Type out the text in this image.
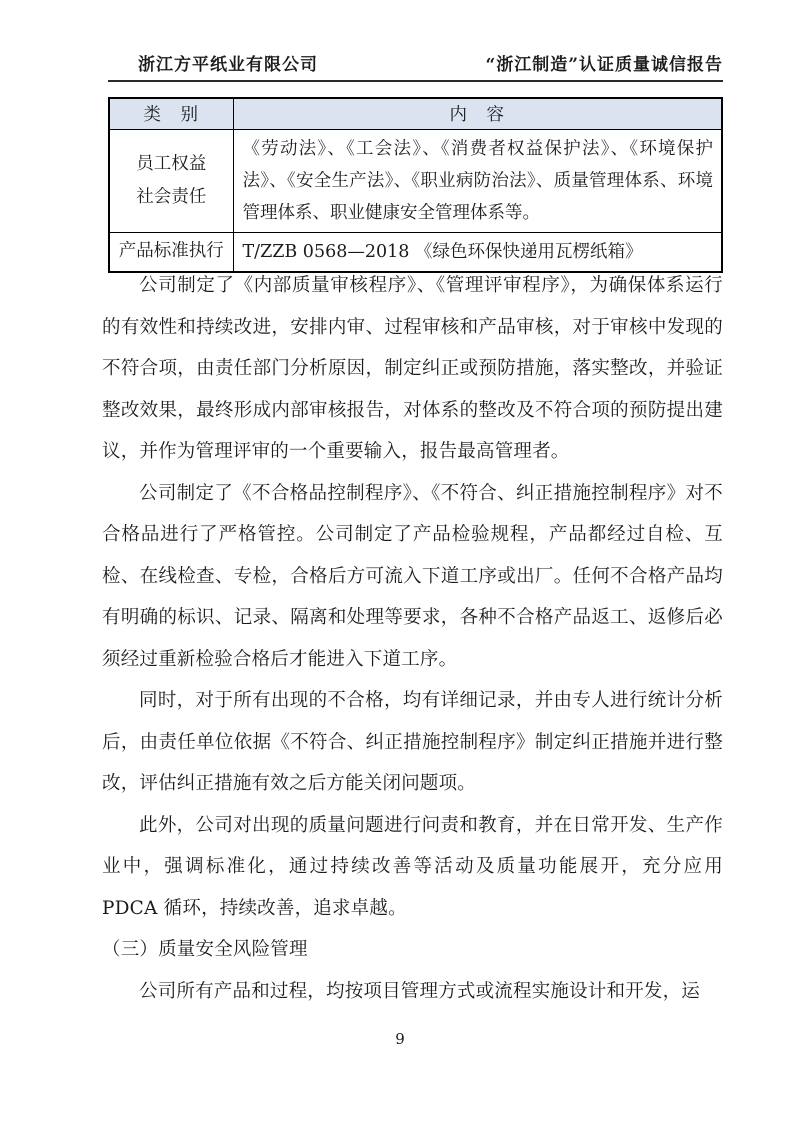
浙江方平纸业有限公司	“浙江制造”认证质量诚信报告
类　别	内　容

员工权益
社会责任	《劳动法》、《工会法》、《消费者权益保护法》、《环境保护法》、《安全生产法》、《职业病防治法》、质量管理体系、环境管理体系、职业健康安全管理体系等。
产品标准执行	T/ZZB 0568—2018 《绿色环保快递用瓦楞纸箱》

公司制定了《内部质量审核程序》、《管理评审程序》，为确保体系运行的有效性和持续改进，安排内审、过程审核和产品审核，对于审核中发现的不符合项，由责任部门分析原因，制定纠正或预防措施，落实整改，并验证整改效果，最终形成内部审核报告，对体系的整改及不符合项的预防提出建议，并作为管理评审的一个重要输入，报告最高管理者。

公司制定了《不合格品控制程序》、《不符合、纠正措施控制程序》对不合格品进行了严格管控。公司制定了产品检验规程，产品都经过自检、互检、在线检查、专检，合格后方可流入下道工序或出厂。任何不合格产品均有明确的标识、记录、隔离和处理等要求，各种不合格产品返工、返修后必须经过重新检验合格后才能进入下道工序。

同时，对于所有出现的不合格，均有详细记录，并由专人进行统计分析后，由责任单位依据《不符合、纠正措施控制程序》制定纠正措施并进行整改，评估纠正措施有效之后方能关闭问题项。

此外，公司对出现的质量问题进行问责和教育，并在日常开发、生产作业中，强调标准化，通过持续改善等活动及质量功能展开，充分应用 PDCA 循环，持续改善，追求卓越。

（三）质量安全风险管理

公司所有产品和过程，均按项目管理方式或流程实施设计和开发，运

9
